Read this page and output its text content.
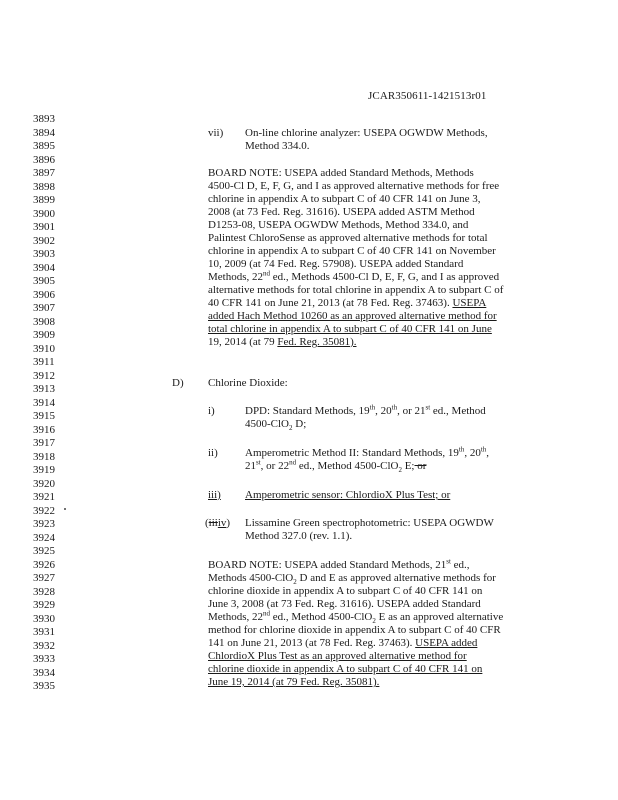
JCAR350611-1421513r01
3893
3894
3895
3896
3897
3898
3899
3900
3901
3902
3903
3904
3905
3906
3907
3908
3909
3910
3911
3912
3913
3914
3915
3916
3917
3918
3919
3920
3921
3922
3923
3924
3925
3926
3927
3928
3929
3930
3931
3932
3933
3934
3935
vii) On-line chlorine analyzer: USEPA OGWDW Methods,
Method 334.0.
BOARD NOTE: USEPA added Standard Methods, Methods
4500-Cl D, E, F, G, and I as approved alternative methods for free
chlorine in appendix A to subpart C of 40 CFR 141 on June 3,
2008 (at 73 Fed. Reg. 31616). USEPA added ASTM Method
D1253-08, USEPA OGWDW Methods, Method 334.0, and
Palintest ChloroSense as approved alternative methods for total
chlorine in appendix A to subpart C of 40 CFR 141 on November
10, 2009 (at 74 Fed. Reg. 57908). USEPA added Standard
Methods, 22nd ed., Methods 4500-Cl D, E, F, G, and I as approved
alternative methods for total chlorine in appendix A to subpart C of
40 CFR 141 on June 21, 2013 (at 78 Fed. Reg. 37463). USEPA
added Hach Method 10260 as an approved alternative method for
total chlorine in appendix A to subpart C of 40 CFR 141 on June
19, 2014 (at 79 Fed. Reg. 35081).
D) Chlorine Dioxide:
i)	DPD: Standard Methods, 19th, 20th, or 21st ed., Method
4500-ClO$_2$ D;
ii) Amperometric Method II: Standard Methods, 19th, 20th,
21st, or 22nd ed., Method 4500-ClO$_2$ E; or
iii) Amperometric sensor: ChlordioX Plus Test; or
(iiiiv) Lissamine Green spectrophotometric: USEPA OGWDW
Method 327.0 (rev. 1.1).
BOARD NOTE: USEPA added Standard Methods, 21st ed.,
Methods 4500-ClO$_2$ D and E as approved alternative methods for
chlorine dioxide in appendix A to subpart C of 40 CFR 141 on
June 3, 2008 (at 73 Fed. Reg. 31616). USEPA added Standard
Methods, 22nd ed., Method 4500-ClO$_2$ E as an approved alternative
method for chlorine dioxide in appendix A to subpart C of 40 CFR
141 on June 21, 2013 (at 78 Fed. Reg. 37463). USEPA added
ChlordioX Plus Test as an approved alternative method for
chlorine dioxide in appendix A to subpart C of 40 CFR 141 on
June 19, 2014 (at 79 Fed. Reg. 35081).
